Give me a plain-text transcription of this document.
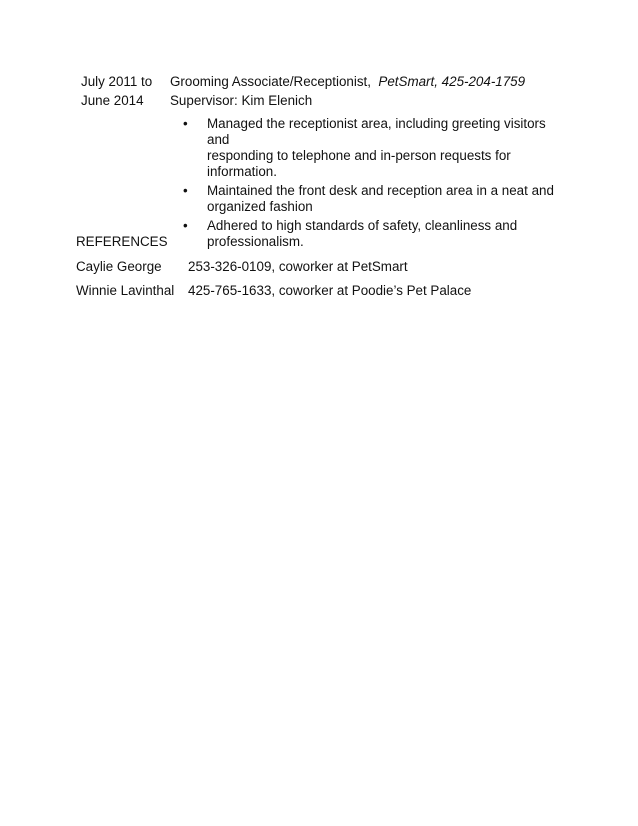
July 2011 to
June 2014
Grooming Associate/Receptionist, PetSmart, 425-204-1759
Supervisor: Kim Elenich
• Managed the receptionist area, including greeting visitors and
responding to telephone and in-person requests for
information.
• Maintained the front desk and reception area in a neat and
organized fashion
• Adhered to high standards of safety, cleanliness and
professionalism.
REFERENCES
Caylie George 253-326-0109, coworker at PetSmart
Winnie Lavinthal 425-765-1633, coworker at Poodie’s Pet Palace
